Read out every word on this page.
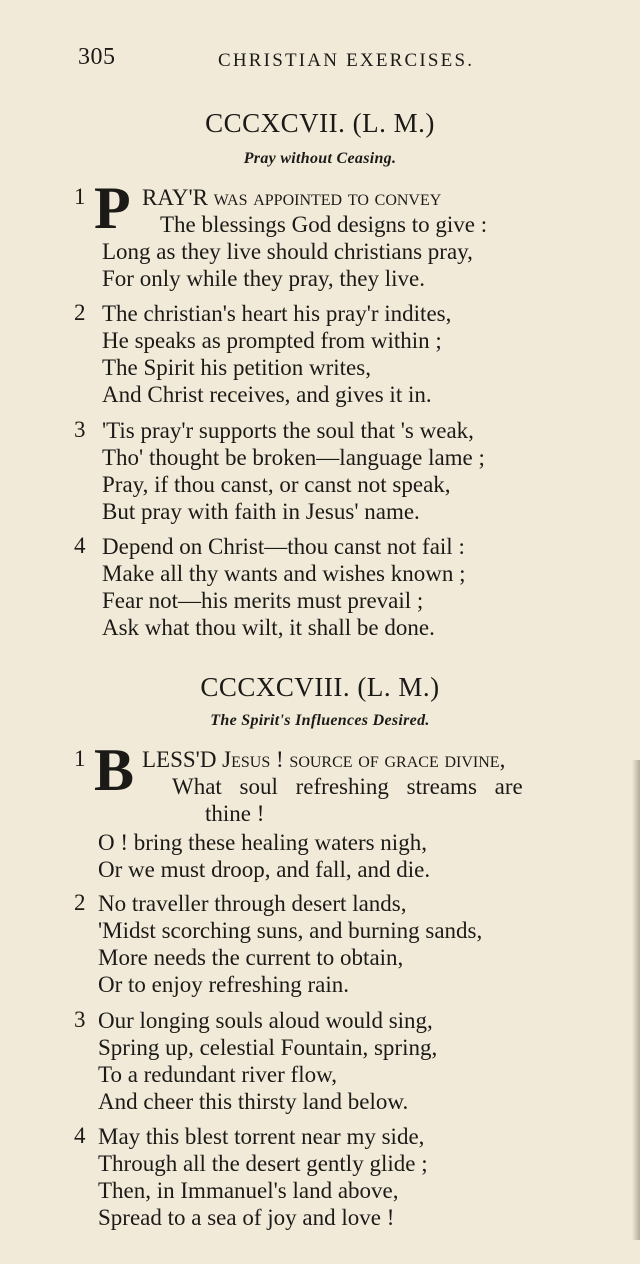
305	CHRISTIAN EXERCISES.
CCCXCVII. (L. M.)
Pray without Ceasing.
1 P RAY'R was appointed to convey
The blessings God designs to give :
Long as they live should christians pray,
For only while they pray, they live.
2 The christian's heart his pray'r indites,
He speaks as prompted from within ;
The Spirit his petition writes,
And Christ receives, and gives it in.
3 'Tis pray'r supports the soul that 's weak,
Tho' thought be broken—language lame ;
Pray, if thou canst, or canst not speak,
But pray with faith in Jesus' name.
4 Depend on Christ—thou canst not fail :
Make all thy wants and wishes known ;
Fear not—his merits must prevail ;
Ask what thou wilt, it shall be done.
CCCXCVIII. (L. M.)
The Spirit's Influences Desired.
1 B LESS'D Jesus ! source of grace divine,
What soul refreshing streams are
thine !
O ! bring these healing waters nigh,
Or we must droop, and fall, and die.
2 No traveller through desert lands,
'Midst scorching suns, and burning sands,
More needs the current to obtain,
Or to enjoy refreshing rain.
3 Our longing souls aloud would sing,
Spring up, celestial Fountain, spring,
To a redundant river flow,
And cheer this thirsty land below.
4 May this blest torrent near my side,
Through all the desert gently glide ;
Then, in Immanuel's land above,
Spread to a sea of joy and love !
